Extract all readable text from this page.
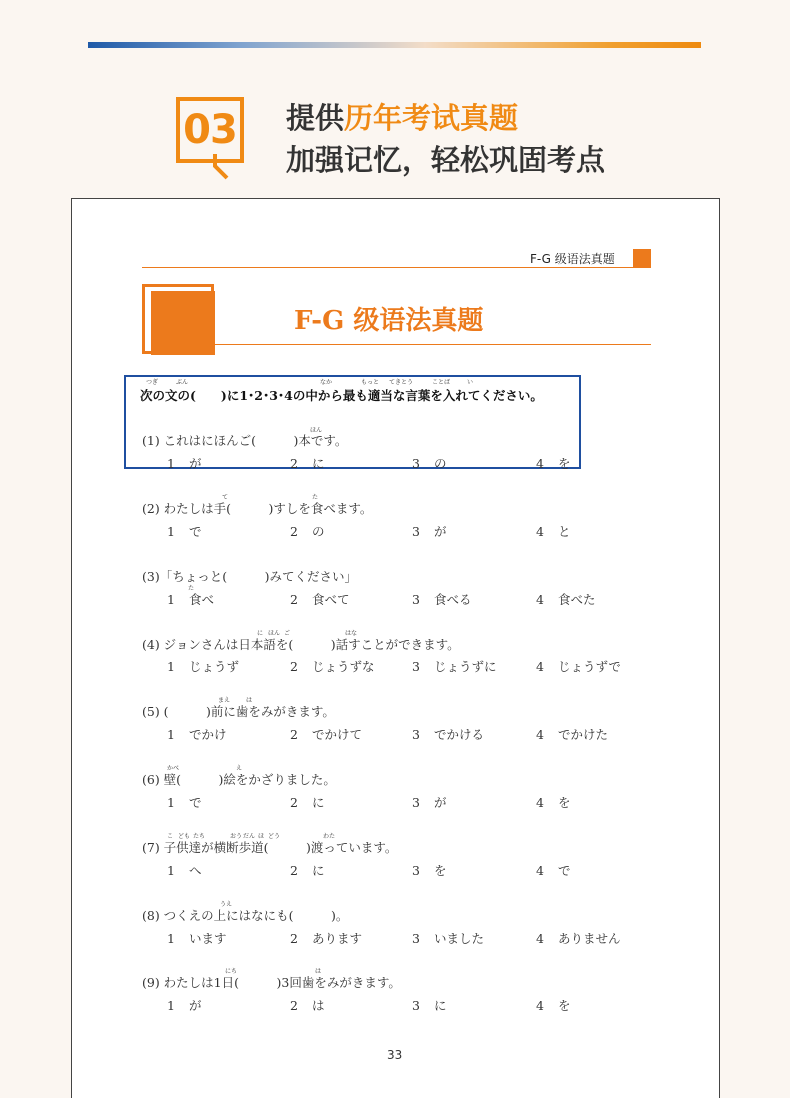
03 提供历年考试真题
加强记忆，轻松巩固考点
F-G 级语法真题
F-G 级语法真题
つぎ	ぶん	なか	もっと てきとう	ことば	い
次の文の(　　)に1･2･3･4の中から最も適当な言葉を入れてください。
ほん
(1) これはにほんご(　　　)本です。
1 が	2 に	3 の	4 を
て	た
(2) わたしは手(　　　)すしを食べます。
1 で	2 の	3 が	4 と
(3)「ちょっと(　　　)みてください」
た
1 食べ	2 食べて	3 食べる	4 食べた
に ほん ご	はな
(4) ジョンさんは日本語を(　　　)話すことができます。
1 じょうず	2 じょうずな	3 じょうずに	4 じょうずで
まえ	は
(5) (　　　)前に歯をみがきます。
1 でかけ	2 でかけて	3 でかける	4 でかけた
かべ	え
(6) 壁(　　　)絵をかざりました。
1 で	2 に	3 が	4 を
こ ども たち	おう だん ほ どう	わた
(7) 子供達が横断歩道(　　　)渡っています。
1 へ	2 に	3 を	4 で
うえ
(8) つくえの上にはなにも(　　　)。
1 います	2 あります	3 いました	4 ありません
にち	は
(9) わたしは1日(　　　)3回歯をみがきます。
1 が	2 は	3 に	4 を
33
